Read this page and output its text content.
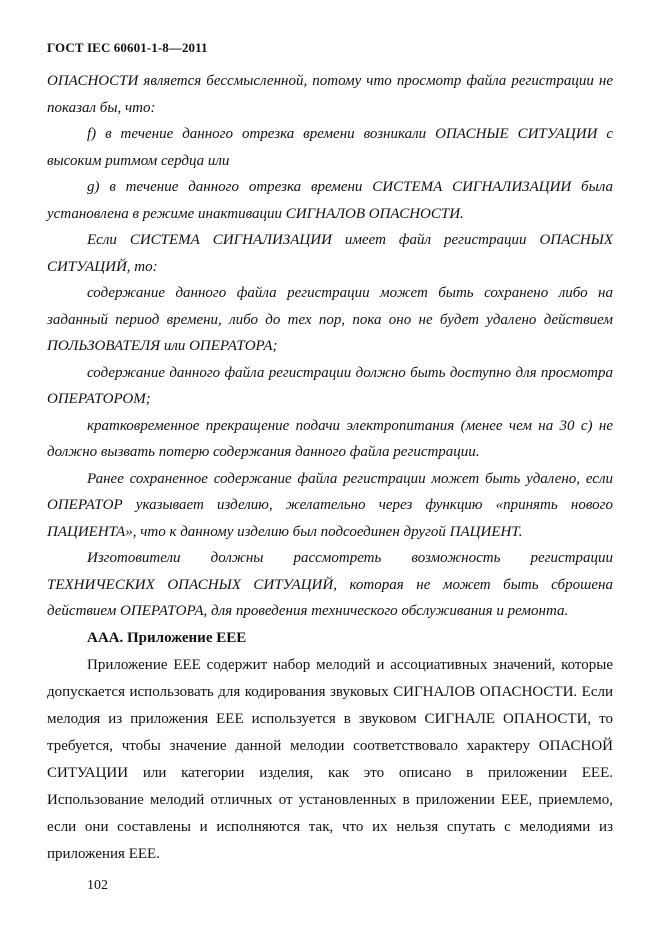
ГОСТ IEC 60601-1-8—2011

ОПАСНОСТИ является бессмысленной, потому что просмотр файла регистрации не показал бы, что:

f) в течение данного отрезка времени возникали ОПАСНЫЕ СИТУАЦИИ с высоким ритмом сердца или

g) в течение данного отрезка времени СИСТЕМА СИГНАЛИЗАЦИИ была установлена в режиме инактивации СИГНАЛОВ ОПАСНОСТИ.

Если СИСТЕМА СИГНАЛИЗАЦИИ имеет файл регистрации ОПАСНЫХ СИТУАЦИЙ, то:

содержание данного файла регистрации может быть сохранено либо на заданный период времени, либо до тех пор, пока оно не будет удалено действием ПОЛЬЗОВАТЕЛЯ или ОПЕРАТОРА;

содержание данного файла регистрации должно быть доступно для просмотра ОПЕРАТОРОМ;

кратковременное прекращение подачи электропитания (менее чем на 30 с) не должно вызвать потерю содержания данного файла регистрации.

Ранее сохраненное содержание файла регистрации может быть удалено, если ОПЕРАТОР указывает изделию, желательно через функцию «принять нового ПАЦИЕНТА», что к данному изделию был подсоединен другой ПАЦИЕНТ.

Изготовители должны рассмотреть возможность регистрации ТЕХНИЧЕСКИХ ОПАСНЫХ СИТУАЦИЙ, которая не может быть сброшена действием ОПЕРАТОРА, для проведения технического обслуживания и ремонта.

ААА. Приложение ЕЕЕ

Приложение ЕЕЕ содержит набор мелодий и ассоциативных значений, которые допускается использовать для кодирования звуковых СИГНАЛОВ ОПАСНОСТИ. Если мелодия из приложения ЕЕЕ используется в звуковом СИГНАЛЕ ОПАНОСТИ, то требуется, чтобы значение данной мелодии соответствовало характеру ОПАСНОЙ СИТУАЦИИ или категории изделия, как это описано в приложении ЕЕЕ. Использование мелодий отличных от установленных в приложении ЕЕЕ, приемлемо, если они составлены и исполняются так, что их нельзя спутать с мелодиями из приложения ЕЕЕ.

102
